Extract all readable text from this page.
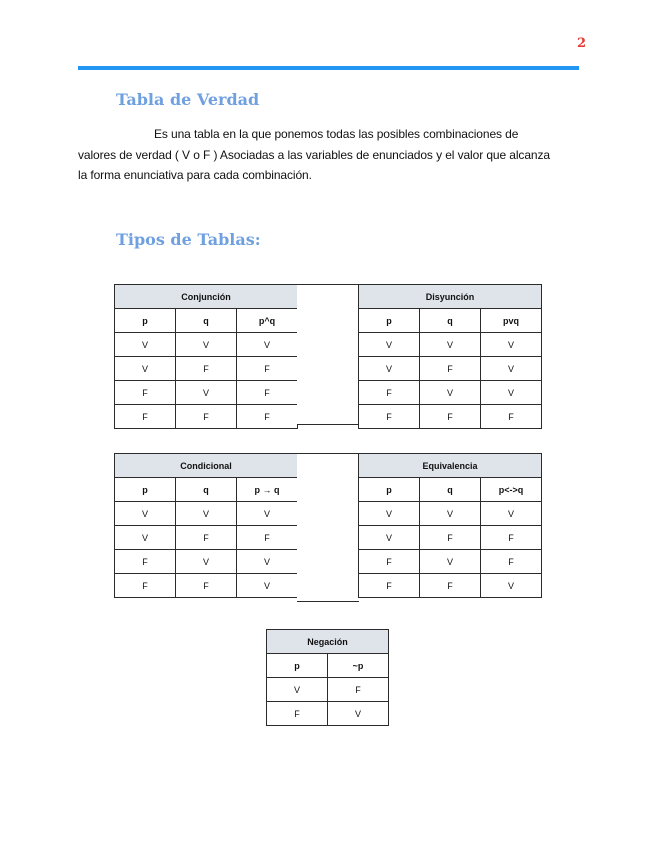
2
Tabla de Verdad

Es una tabla en la que ponemos todas las posibles combinaciones de valores de verdad ( V o F ) Asociadas a las variables de enunciados y el valor que alcanza la forma enunciativa para cada combinación.

Tipos de Tablas:
Conjunción		
p	q	p^q
V	V	V
V	F	F
F	V	F
F	F	F
Disyunción		
p	q	pvq
V	V	V
V	F	V
F	V	V
F	F	F
Condicional		
p	q	p → q
V	V	V
V	F	F
F	V	V
F	F	V
Equivalencia		
p	q	p<->q
V	V	V
V	F	F
F	V	F
F	F	V
Negación	
p	~p
V	F
F	V
